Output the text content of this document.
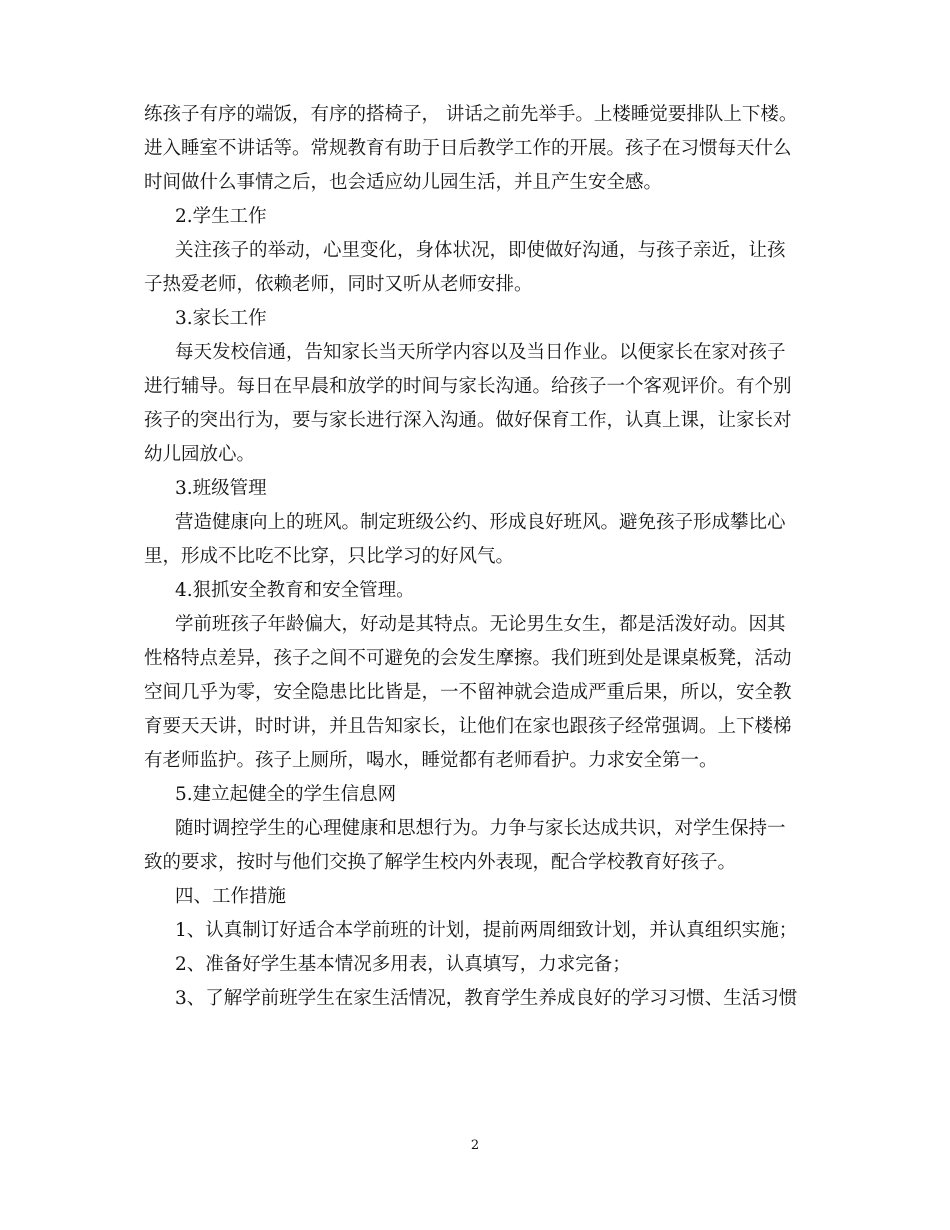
练孩子有序的端饭，有序的搭椅子， 讲话之前先举手。上楼睡觉要排队上下楼。
进入睡室不讲话等。常规教育有助于日后教学工作的开展。孩子在习惯每天什么
时间做什么事情之后，也会适应幼儿园生活，并且产生安全感。
2.学生工作
关注孩子的举动，心里变化，身体状况，即使做好沟通，与孩子亲近，让孩
子热爱老师，依赖老师，同时又听从老师安排。
3.家长工作
每天发校信通，告知家长当天所学内容以及当日作业。以便家长在家对孩子
进行辅导。每日在早晨和放学的时间与家长沟通。给孩子一个客观评价。有个别
孩子的突出行为，要与家长进行深入沟通。做好保育工作，认真上课，让家长对
幼儿园放心。
3.班级管理
营造健康向上的班风。制定班级公约、形成良好班风。避免孩子形成攀比心
里，形成不比吃不比穿，只比学习的好风气。
4.狠抓安全教育和安全管理。
学前班孩子年龄偏大，好动是其特点。无论男生女生，都是活泼好动。因其
性格特点差异，孩子之间不可避免的会发生摩擦。我们班到处是课桌板凳，活动
空间几乎为零，安全隐患比比皆是，一不留神就会造成严重后果，所以，安全教
育要天天讲，时时讲，并且告知家长，让他们在家也跟孩子经常强调。上下楼梯
有老师监护。孩子上厕所，喝水，睡觉都有老师看护。力求安全第一。
5.建立起健全的学生信息网
随时调控学生的心理健康和思想行为。力争与家长达成共识，对学生保持一
致的要求，按时与他们交换了解学生校内外表现，配合学校教育好孩子。
四、工作措施
1、认真制订好适合本学前班的计划，提前两周细致计划，并认真组织实施；
2、准备好学生基本情况多用表，认真填写，力求完备；
3、了解学前班学生在家生活情况，教育学生养成良好的学习习惯、生活习惯
2
